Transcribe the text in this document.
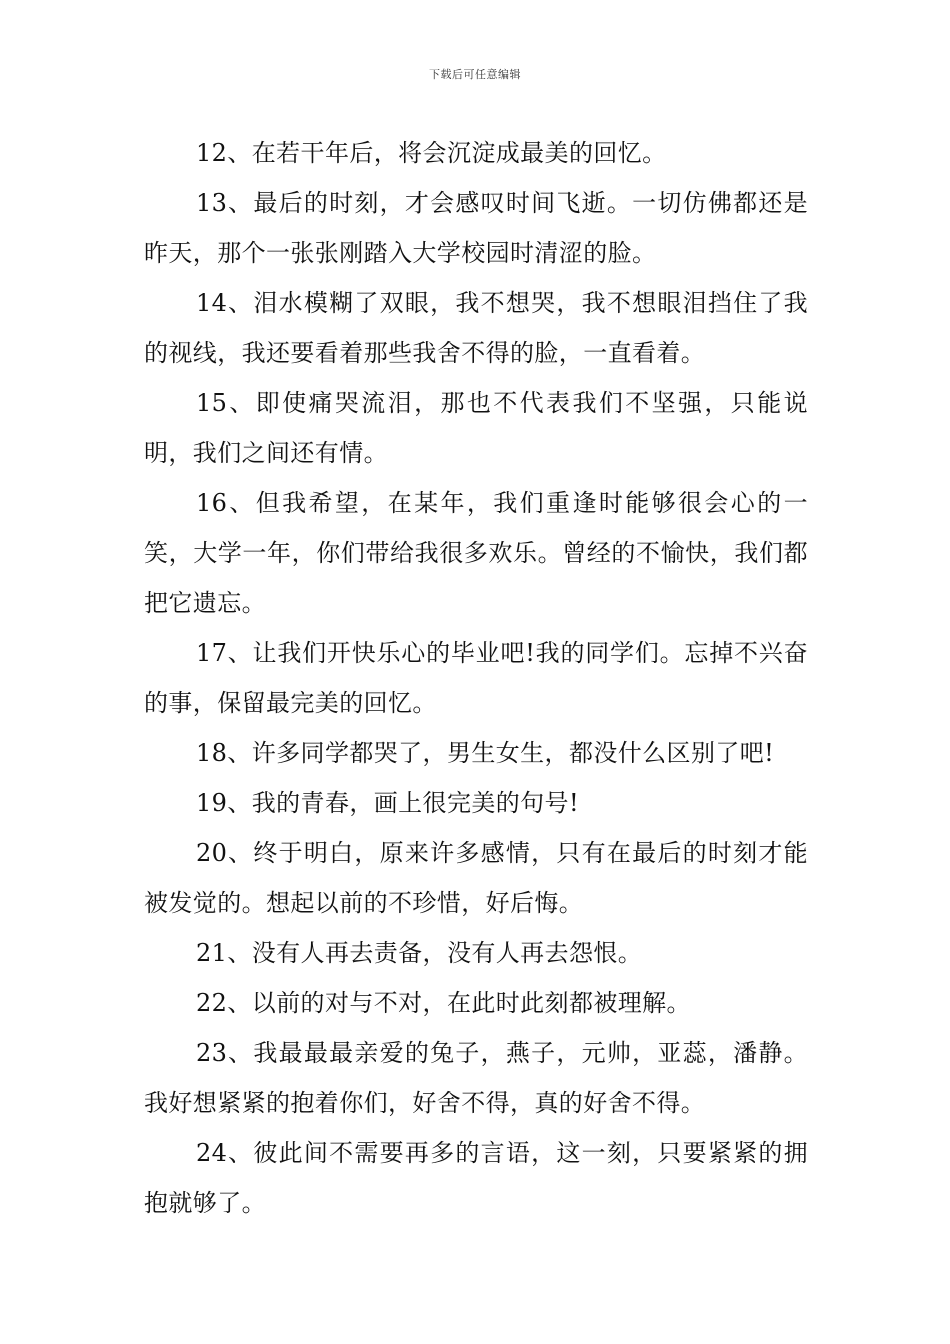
下载后可任意编辑

12、在若干年后，将会沉淀成最美的回忆。

13、最后的时刻，才会感叹时间飞逝。一切仿佛都还是昨天，那个一张张刚踏入大学校园时清涩的脸。

14、泪水模糊了双眼，我不想哭，我不想眼泪挡住了我的视线，我还要看着那些我舍不得的脸，一直看着。

15、即使痛哭流泪，那也不代表我们不坚强，只能说明，我们之间还有情。

16、但我希望，在某年，我们重逢时能够很会心的一笑，大学一年，你们带给我很多欢乐。曾经的不愉快，我们都把它遗忘。

17、让我们开快乐心的毕业吧!我的同学们。忘掉不兴奋的事，保留最完美的回忆。

18、许多同学都哭了，男生女生，都没什么区别了吧!

19、我的青春，画上很完美的句号!

20、终于明白，原来许多感情，只有在最后的时刻才能被发觉的。想起以前的不珍惜，好后悔。

21、没有人再去责备，没有人再去怨恨。

22、以前的对与不对，在此时此刻都被理解。

23、我最最最亲爱的兔子，燕子，元帅，亚蕊，潘静。我好想紧紧的抱着你们，好舍不得，真的好舍不得。

24、彼此间不需要再多的言语，这一刻，只要紧紧的拥抱就够了。
